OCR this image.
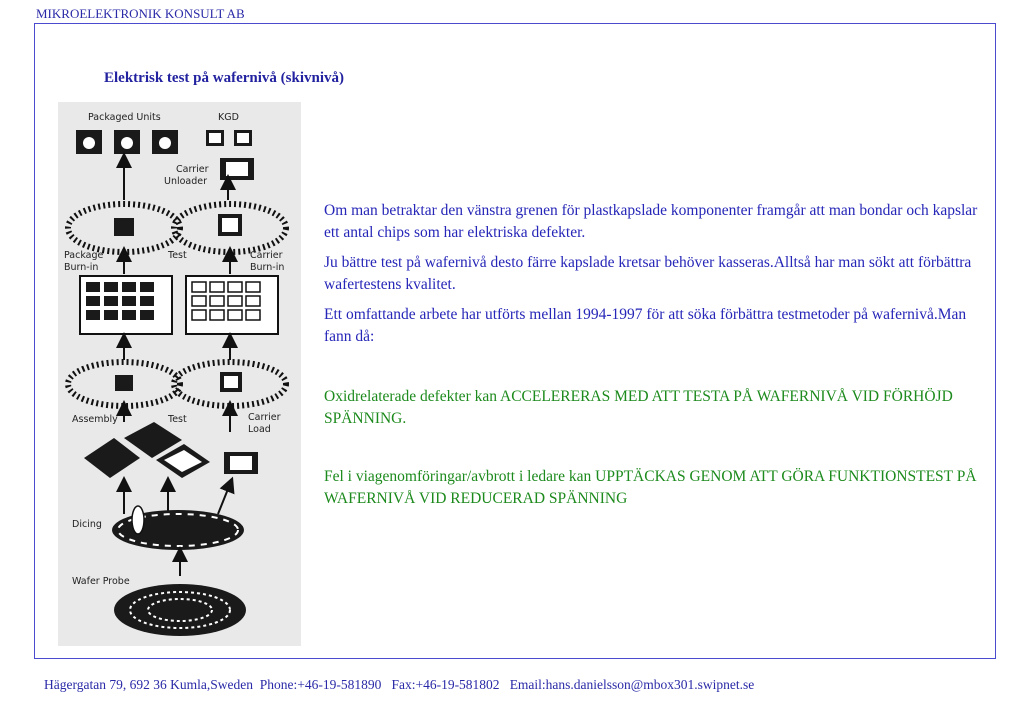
MIKROELEKTRONIK KONSULT AB
Elektrisk test på wafernivå (skivnivå)
Packaged Units	KGD
Carrier
Unloader
Package
Burn-in
Test	Carrier
Burn-in
Assembly	Test	Carrier
Load
Dicing
Wafer Probe

Om man betraktar den vänstra grenen för plastkapslade komponenter framgår att man bondar och kapslar ett antal chips som har elektriska defekter.

Ju bättre test på wafernivå desto färre kapslade kretsar behöver kasseras.Alltså har man sökt att förbättra wafertestens kvalitet.

Ett omfattande arbete har utförts mellan 1994-1997 för att söka förbättra testmetoder på wafernivå.Man fann då:

Oxidrelaterade defekter kan ACCELERERAS MED ATT TESTA PÅ WAFERNIVÅ VID FÖRHÖJD SPÄNNING.

Fel i viagenomföringar/avbrott i ledare kan UPPTÄCKAS GENOM ATT GÖRA FUNKTIONSTEST PÅ WAFERNIVÅ VID REDUCERAD SPÄNNING

Hägergatan 79, 692 36 Kumla,Sweden Phone:+46-19-581890 Fax:+46-19-581802 Email:hans.danielsson@mbox301.swipnet.se
